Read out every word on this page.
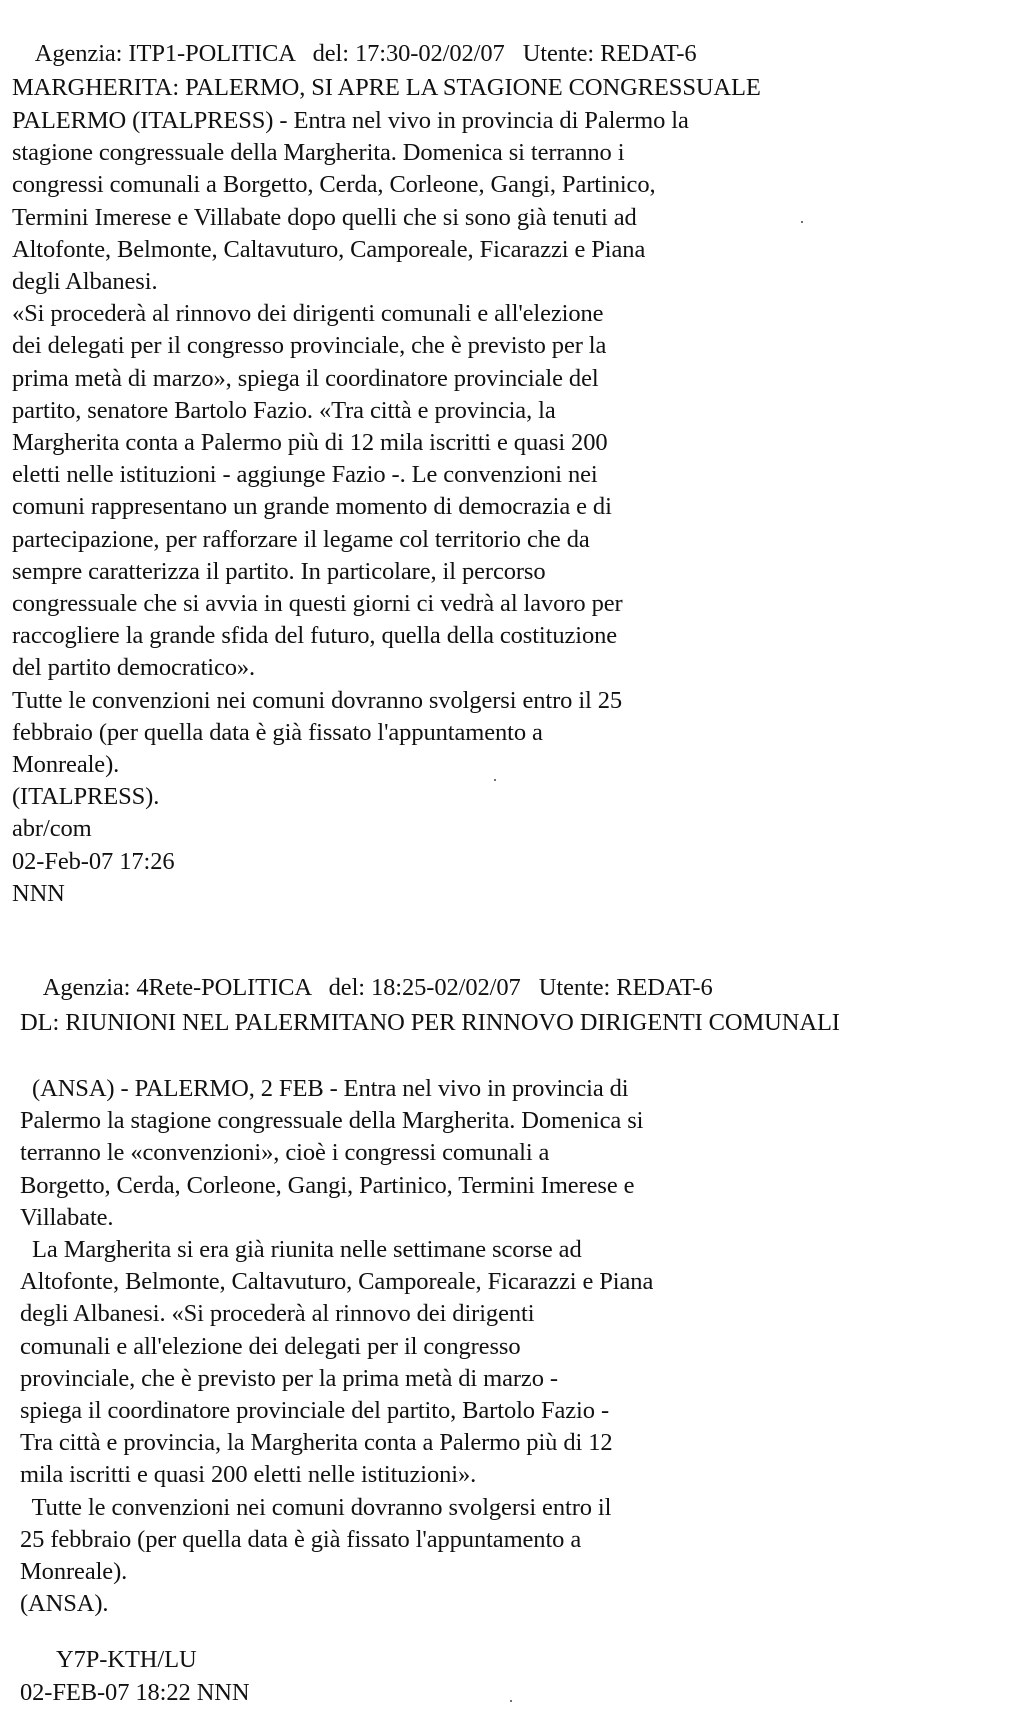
Agenzia: ITP1-POLITICA del: 17:30-02/02/07 Utente: REDAT-6

MARGHERITA: PALERMO, SI APRE LA STAGIONE CONGRESSUALE
PALERMO (ITALPRESS) - Entra nel vivo in provincia di Palermo la
stagione congressuale della Margherita. Domenica si terranno i
congressi comunali a Borgetto, Cerda, Corleone, Gangi, Partinico,
Termini Imerese e Villabate dopo quelli che si sono già tenuti ad
Altofonte, Belmonte, Caltavuturo, Camporeale, Ficarazzi e Piana
degli Albanesi.
«Si procederà al rinnovo dei dirigenti comunali e all'elezione
dei delegati per il congresso provinciale, che è previsto per la
prima metà di marzo», spiega il coordinatore provinciale del
partito, senatore Bartolo Fazio. «Tra città e provincia, la
Margherita conta a Palermo più di 12 mila iscritti e quasi 200
eletti nelle istituzioni - aggiunge Fazio -. Le convenzioni nei
comuni rappresentano un grande momento di democrazia e di
partecipazione, per rafforzare il legame col territorio che da
sempre caratterizza il partito. In particolare, il percorso
congressuale che si avvia in questi giorni ci vedrà al lavoro per
raccogliere la grande sfida del futuro, quella della costituzione
del partito democratico».
Tutte le convenzioni nei comuni dovranno svolgersi entro il 25
febbraio (per quella data è già fissato l'appuntamento a
Monreale).
(ITALPRESS).
abr/com
02-Feb-07 17:26
NNN

Agenzia: 4Rete-POLITICA del: 18:25-02/02/07 Utente: REDAT-6

DL: RIUNIONI NEL PALERMITANO PER RINNOVO DIRIGENTI COMUNALI
(ANSA) - PALERMO, 2 FEB - Entra nel vivo in provincia di
Palermo la stagione congressuale della Margherita. Domenica si
terranno le «convenzioni», cioè i congressi comunali a
Borgetto, Cerda, Corleone, Gangi, Partinico, Termini Imerese e
Villabate.
La Margherita si era già riunita nelle settimane scorse ad
Altofonte, Belmonte, Caltavuturo, Camporeale, Ficarazzi e Piana
degli Albanesi. «Si procederà al rinnovo dei dirigenti
comunali e all'elezione dei delegati per il congresso
provinciale, che è previsto per la prima metà di marzo -
spiega il coordinatore provinciale del partito, Bartolo Fazio -
Tra città e provincia, la Margherita conta a Palermo più di 12
mila iscritti e quasi 200 eletti nelle istituzioni».
Tutte le convenzioni nei comuni dovranno svolgersi entro il
25 febbraio (per quella data è già fissato l'appuntamento a
Monreale).
(ANSA).
Y7P-KTH/LU
02-FEB-07 18:22 NNN
